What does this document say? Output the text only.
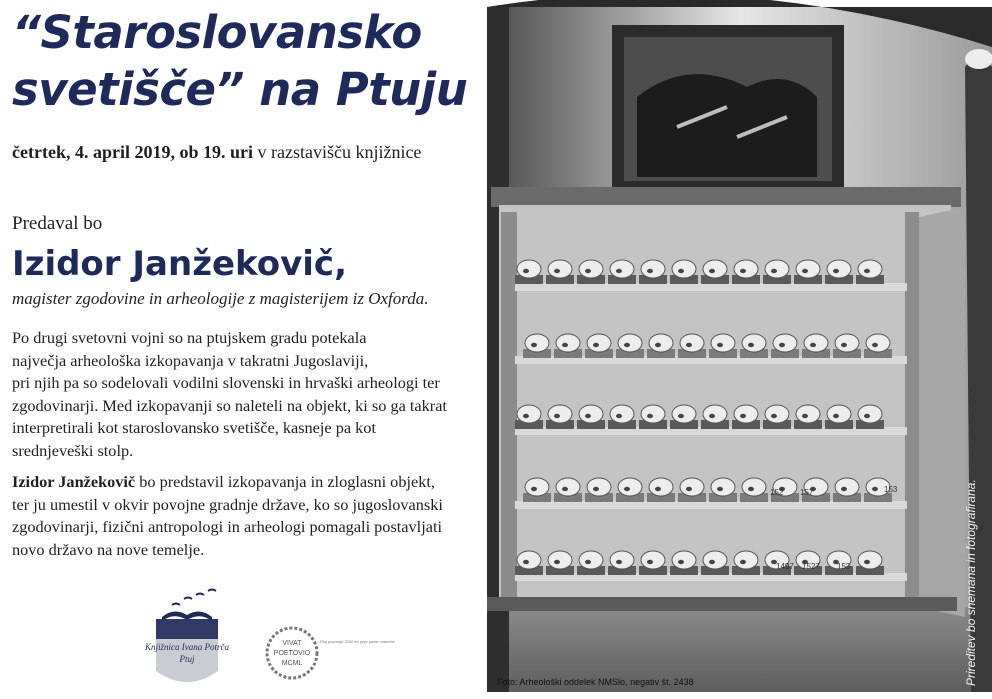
“Staroslovansko
svetišče” na Ptuju
četrtek, 4. april 2019, ob 19. uri v razstavišču knjižnice
Predaval bo
Izidor Janžekovič,
magister zgodovine in arheologije z magisterijem iz Oxforda.

Po drugi svetovni vojni so na ptujskem gradu potekala
največja arheološka izkopavanja v takratni Jugoslaviji,
pri njih pa so sodelovali vodilni slovenski in hrvaški arheologi ter
zgodovinarji. Med izkopavanji so naleteli na objekt, ki so ga takrat
interpretirali kot staroslovansko svetišče, kasneje pa kot
srednjeveški stolp.

Izidor Janžekovič bo predstavil izkopavanja in zloglasni objekt,
ter ju umestil v okvir povojne gradnje države, ko so jugoslovanski
zgodovinarji, fizični antropologi in arheologi pomagali postavljati
novo državo na nove temelje.

Knjižnica Ivana Potrča
Ptuj
VIVAT
POETOVIO
MCML
Ptuj praznuje 2000 let prve pisne omembe
152 157	153
1497 1527 153
Foto: Arheološki oddelek NMSlo, negativ št. 2438	Prireditev bo snemana in fotografirana.
